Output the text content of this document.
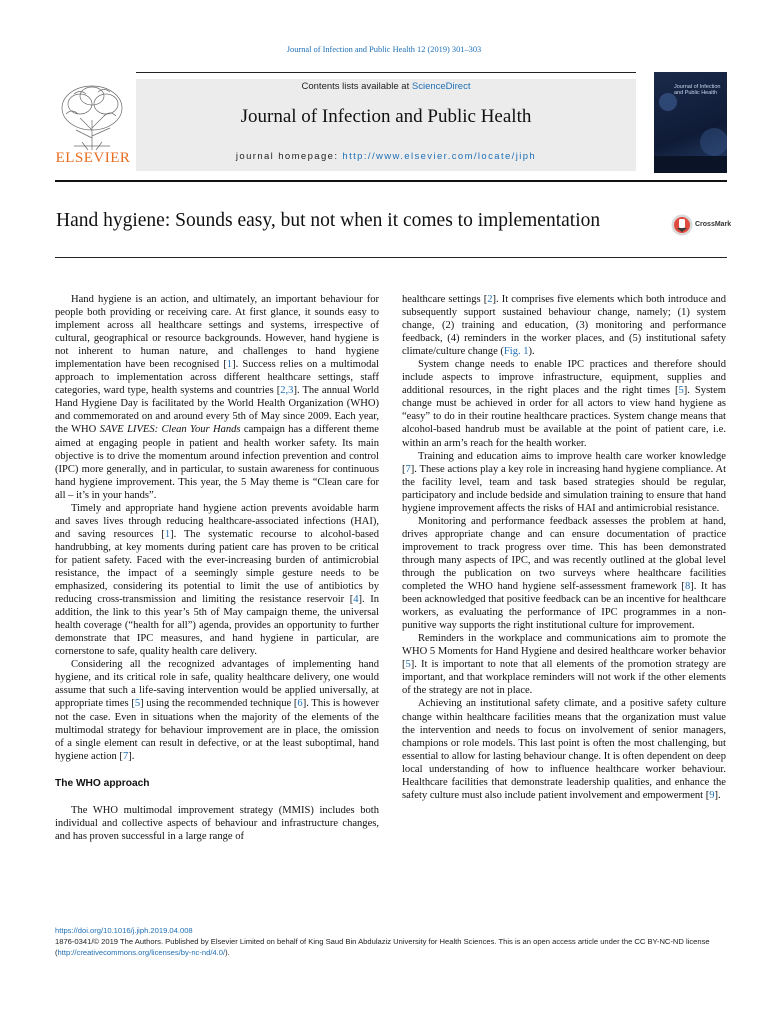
Journal of Infection and Public Health 12 (2019) 301–303
ELSEVIER
Contents lists available at ScienceDirect
Journal of Infection and Public Health
journal homepage: http://www.elsevier.com/locate/jiph
Journal of Infection and Public Health
Hand hygiene: Sounds easy, but not when it comes to implementation	CrossMark

Hand hygiene is an action, and ultimately, an important behaviour for people both providing or receiving care. At first glance, it sounds easy to implement across all healthcare settings and systems, irrespective of cultural, geographical or resource backgrounds. However, hand hygiene is not inherent to human nature, and challenges to hand hygiene implementation have been recognised [1]. Success relies on a multimodal approach to implementation across different healthcare settings, staff categories, ward type, health systems and countries [2,3]. The annual World Hand Hygiene Day is facilitated by the World Health Organization (WHO) and commemorated on and around every 5th of May since 2009. Each year, the WHO SAVE LIVES: Clean Your Hands campaign has a different theme aimed at engaging people in patient and health worker safety. Its main objective is to drive the momentum around infection prevention and control (IPC) more generally, and in particular, to sustain awareness for continuous hand hygiene improvement. This year, the 5 May theme is “Clean care for all – it’s in your hands”.

Timely and appropriate hand hygiene action prevents avoidable harm and saves lives through reducing healthcare-associated infections (HAI), and saving resources [1]. The systematic recourse to alcohol-based handrubbing, at key moments during patient care has proven to be critical for patient safety. Faced with the ever-increasing burden of antimicrobial resistance, the impact of a seemingly simple gesture needs to be emphasized, considering its potential to limit the use of antibiotics by reducing cross-transmission and limiting the resistance reservoir [4]. In addition, the link to this year’s 5th of May campaign theme, the universal health coverage (“health for all”) agenda, provides an opportunity to further demonstrate that IPC measures, and hand hygiene in particular, are cornerstone to safe, quality health care delivery.

Considering all the recognized advantages of implementing hand hygiene, and its critical role in safe, quality healthcare delivery, one would assume that such a life-saving intervention would be applied universally, at appropriate times [5] using the recommended technique [6]. This is however not the case. Even in situations when the majority of the elements of the multimodal strategy for behaviour improvement are in place, the omission of a single element can result in defective, or at the least suboptimal, hand hygiene action [7].

The WHO approach

The WHO multimodal improvement strategy (MMIS) includes both individual and collective aspects of behaviour and infrastructure changes, and has proven successful in a large range of

healthcare settings [2]. It comprises five elements which both introduce and subsequently support sustained behaviour change, namely; (1) system change, (2) training and education, (3) monitoring and performance feedback, (4) reminders in the worker places, and (5) institutional safety climate/culture change (Fig. 1).

System change needs to enable IPC practices and therefore should include aspects to improve infrastructure, equipment, supplies and additional resources, in the right places and the right times [5]. System change must be achieved in order for all actors to view hand hygiene as “easy” to do in their routine healthcare practices. System change means that alcohol-based handrub must be available at the point of patient care, i.e. within an arm’s reach for the health worker.

Training and education aims to improve health care worker knowledge [7]. These actions play a key role in increasing hand hygiene compliance. At the facility level, team and task based strategies should be regular, participatory and include bedside and simulation training to ensure that hand hygiene improvement affects the risks of HAI and antimicrobial resistance.

Monitoring and performance feedback assesses the problem at hand, drives appropriate change and can ensure documentation of practice improvement to track progress over time. This has been demonstrated through many aspects of IPC, and was recently outlined at the global level through the publication on two surveys where healthcare facilities completed the WHO hand hygiene self-assessment framework [8]. It has been acknowledged that positive feedback can be an incentive for healthcare workers, as evaluating the performance of IPC programmes in a non-punitive way supports the right institutional culture for improvement.

Reminders in the workplace and communications aim to promote the WHO 5 Moments for Hand Hygiene and desired healthcare worker behavior [5]. It is important to note that all elements of the promotion strategy are important, and that workplace reminders will not work if the other elements of the strategy are not in place.

Achieving an institutional safety climate, and a positive safety culture change within healthcare facilities means that the organization must value the intervention and needs to focus on involvement of senior managers, champions or role models. This last point is often the most challenging, but essential to allow for lasting behaviour change. It is often dependent on deep local understanding of how to influence healthcare worker behaviour. Healthcare facilities that demonstrate leadership qualities, and enhance the safety culture must also include patient involvement and empowerment [9].

https://doi.org/10.1016/j.jiph.2019.04.008
1876-0341/© 2019 The Authors. Published by Elsevier Limited on behalf of King Saud Bin Abdulaziz University for Health Sciences. This is an open access article under the CC BY-NC-ND license (http://creativecommons.org/licenses/by-nc-nd/4.0/).
